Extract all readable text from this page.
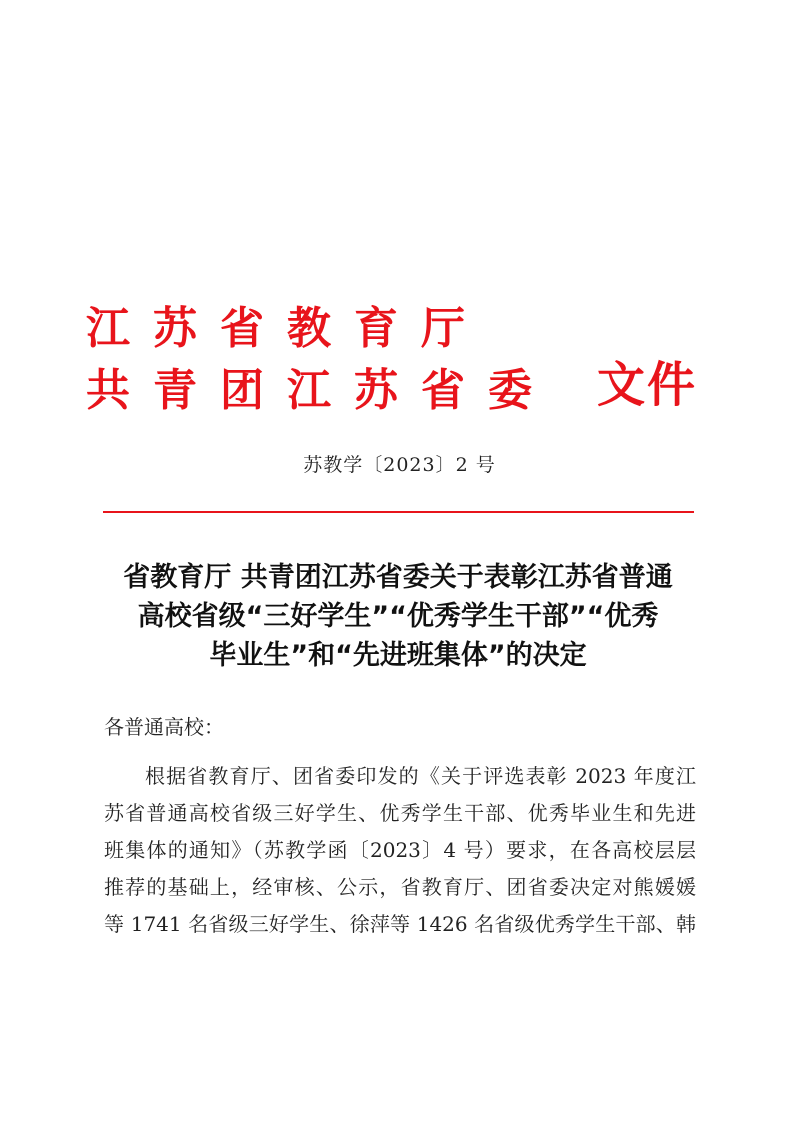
江苏省教育厅
共青团江苏省委 文件
苏教学〔2023〕2 号
省教育厅 共青团江苏省委关于表彰江苏省普通
高校省级“三好学生”“优秀学生干部”“优秀
毕业生”和“先进班集体”的决定
各普通高校：
根据省教育厅、团省委印发的《关于评选表彰 2023 年度江
苏省普通高校省级三好学生、优秀学生干部、优秀毕业生和先进
班集体的通知》（苏教学函〔2023〕4 号）要求，在各高校层层
推荐的基础上，经审核、公示，省教育厅、团省委决定对熊媛媛
等 1741 名省级三好学生、徐萍等 1426 名省级优秀学生干部、韩
